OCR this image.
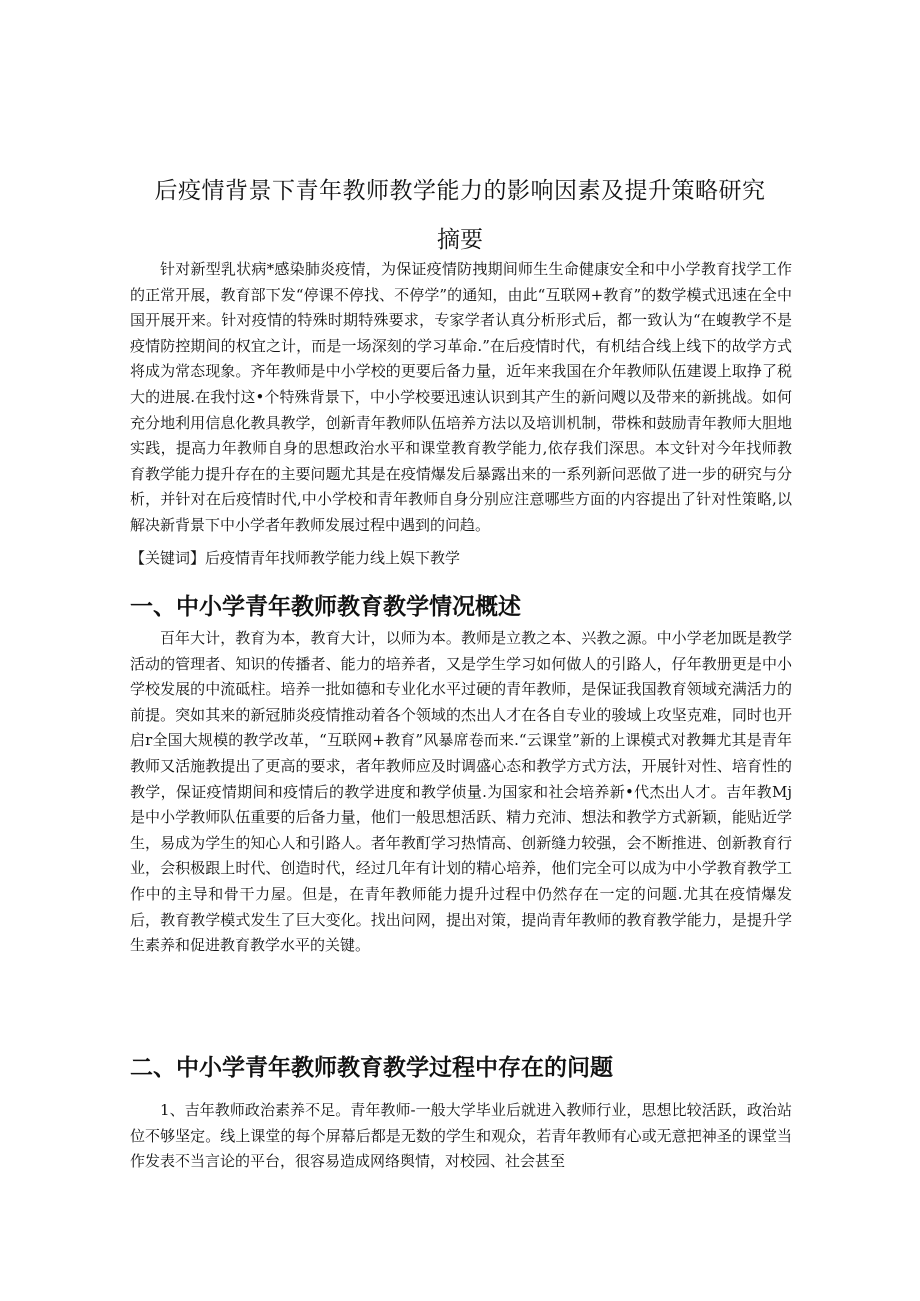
后疫情背景下青年教师教学能力的影响因素及提升策略研究
摘要

针对新型乳状病*感染肺炎疫情，为保证疫情防拽期间师生生命健康安全和中小学教育找学工作的正常开展，教育部下发“停课不停找、不停学”的通知，由此“互联网+教育”的数学模式迅速在全中国开展开来。针对疫情的特殊时期特殊要求，专家学者认真分析形式后，都一致认为“在蝮教学不是疫情防控期间的权宜之计，而是一场深刻的学习革命.”在后疫情时代，有机结合线上线下的故学方式将成为常态现象。齐年教师是中小学校的更要后备力量，近年来我国在介年教师队伍建谡上取挣了税大的进展.在我忖这•个特殊背景下，中小学校要迅速认识到其产生的新问飕以及带来的新挑战。如何充分地利用信息化教具教学，创新青年教师队伍培养方法以及培训机制，带株和鼓励青年教师大胆地实践，提高力年教师自身的思想政治水平和课堂教育教学能力,依存我们深思。本文针对今年找师教育教学能力提升存在的主要问题尤其是在疫情爆发后暴露出来的一系列新问恶做了进一步的研究与分析，并针对在后疫情时代,中小学校和青年教师自身分别应注意哪些方面的内容提出了针对性策略,以解决新背景下中小学者年教师发展过程中遇到的问趋。

【关键词】后疫情青年找师教学能力线上娱下教学

一、中小学青年教师教育教学情况概述

百年大计，教育为本，教育大计，以师为本。教师是立教之本、兴教之源。中小学老加既是教学活动的管理者、知识的传播者、能力的培养者，又是学生学习如何做人的引路人，仔年教册更是中小学校发展的中流砥柱。培养一批如德和专业化水平过硬的青年教师，是保证我国教育领域充满活力的前提。突如其来的新冠肺炎疫情推动着各个领域的杰出人才在各自专业的骏域上攻坚克难，同时也开启r全国大规模的教学改革，“互联网+教育”风暴席卷而来.“云课堂”新的上课模式对教舞尤其是青年教师又活施教提出了更高的要求，者年教师应及时调盛心态和教学方式方法，开展针对性、培育性的教学，保证疫情期间和疫情后的教学进度和教学侦量.为国家和社会培养新•代杰出人才。吉年教Mj是中小学教师队伍重要的后备力量，他们一般思想活跃、精力充沛、想法和教学方式新颖，能贴近学生，易成为学生的知心人和引路人。者年教酊学习热情高、创新缝力较强，会不断推进、创新教育行业，会积极跟上时代、创造时代，经过几年有计划的精心培养，他们完全可以成为中小学教育教学工作中的主导和骨干力屋。但是，在青年教师能力提升过程中仍然存在一定的问题.尤其在疫情爆发后，教育教学模式发生了巨大变化。找出问网，提出对策，提尚青年教师的教育教学能力，是提升学生素养和促进教育教学水平的关键。

二、中小学青年教师教育教学过程中存在的问题

1、吉年教师政治素养不足。青年教师-一般大学毕业后就进入教师行业，思想比较活跃，政治站位不够坚定。线上课堂的每个屏幕后都是无数的学生和观众，若青年教师有心或无意把神圣的课堂当作发表不当言论的平台，很容易造成网络舆情，对校园、社会甚至
